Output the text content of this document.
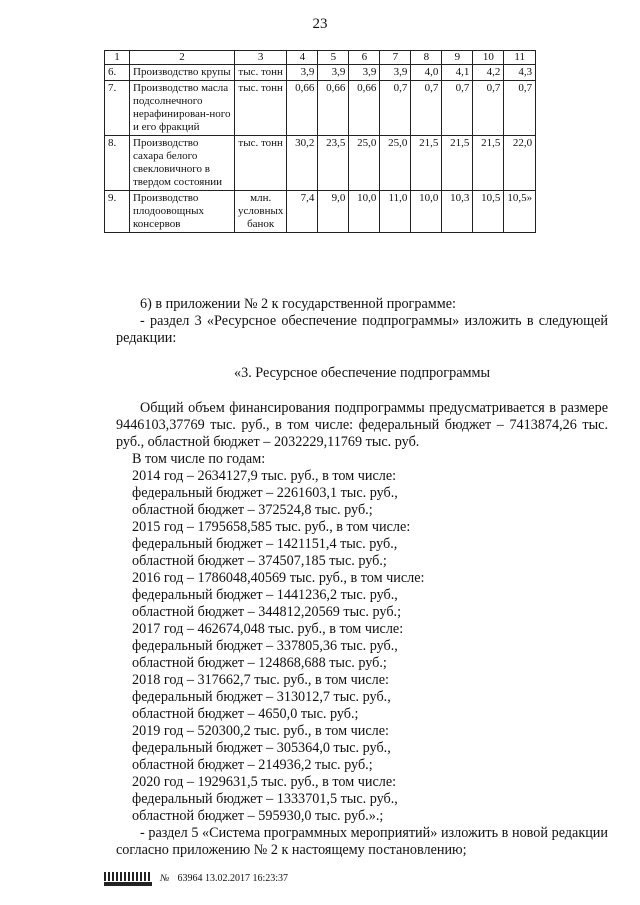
23
1	2	3	4	5	6	7	8	9	10	11
6.	Производство крупы	тыс. тонн	3,9	3,9	3,9	3,9	4,0	4,1	4,2	4,3
7.	Производство масла подсолнечного нерафинирован-ного и его фракций	тыс. тонн	0,66	0,66	0,66	0,7	0,7	0,7	0,7	0,7
8.	Производство сахара белого свекловичного в твердом состоянии	тыс. тонн	30,2	23,5	25,0	25,0	21,5	21,5	21,5	22,0
9.	Производство плодоовощных консервов	млн. условных банок	7,4	9,0	10,0	11,0	10,0	10,3	10,5	10,5»

6) в приложении № 2 к государственной программе:

- раздел 3 «Ресурсное обеспечение подпрограммы» изложить в следующей редакции:

«3. Ресурсное обеспечение подпрограммы

Общий объем финансирования подпрограммы предусматривается в размере 9446103,37769 тыс. руб., в том числе: федеральный бюджет – 7413874,26 тыс. руб., областной бюджет – 2032229,11769 тыс. руб.

В том числе по годам:

2014 год – 2634127,9 тыс. руб., в том числе:

федеральный бюджет – 2261603,1 тыс. руб.,

областной бюджет – 372524,8 тыс. руб.;

2015 год – 1795658,585 тыс. руб., в том числе:

федеральный бюджет – 1421151,4 тыс. руб.,

областной бюджет – 374507,185 тыс. руб.;

2016 год – 1786048,40569 тыс. руб., в том числе:

федеральный бюджет – 1441236,2 тыс. руб.,

областной бюджет – 344812,20569 тыс. руб.;

2017 год – 462674,048 тыс. руб., в том числе:

федеральный бюджет – 337805,36 тыс. руб.,

областной бюджет – 124868,688 тыс. руб.;

2018 год – 317662,7 тыс. руб., в том числе:

федеральный бюджет – 313012,7 тыс. руб.,

областной бюджет – 4650,0 тыс. руб.;

2019 год – 520300,2 тыс. руб., в том числе:

федеральный бюджет – 305364,0 тыс. руб.,

областной бюджет – 214936,2 тыс. руб.;

2020 год – 1929631,5 тыс. руб., в том числе:

федеральный бюджет – 1333701,5 тыс. руб.,

областной бюджет – 595930,0 тыс. руб.».;

- раздел 5 «Система программных мероприятий» изложить в новой редакции согласно приложению № 2 к настоящему постановлению;

№ 63964 13.02.2017 16:23:37
